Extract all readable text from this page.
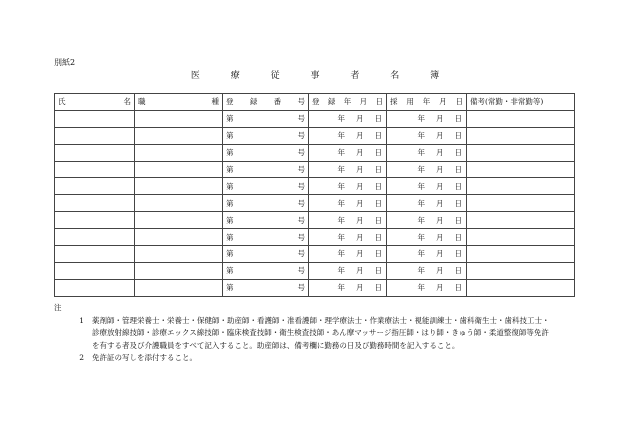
別紙2
医 療 従 事 者 名 簿
氏 名	職 種	登 録 番 号	登 録 年 月 日	採 用 年 月 日	備考(常勤・非常勤等)

		第 号	年 月 日	年 月 日	

		第 号	年 月 日	年 月 日	

		第 号	年 月 日	年 月 日	

		第 号	年 月 日	年 月 日	

		第 号	年 月 日	年 月 日	

		第 号	年 月 日	年 月 日	

		第 号	年 月 日	年 月 日	

		第 号	年 月 日	年 月 日	

		第 号	年 月 日	年 月 日	

		第 号	年 月 日	年 月 日	

		第 号	年 月 日	年 月 日	

注
1	薬剤師・管理栄養士・栄養士・保健師・助産師・看護師・准看護師・理学療法士・作業療法士・視能訓練士・歯科衛生士・歯科技工士・
診療放射線技師・診療エックス線技師・臨床検査技師・衛生検査技師・あん摩マッサージ指圧師・はり師・きゅう師・柔道整復師等免許
を有する者及び介護職員をすべて記入すること。助産師は、備考欄に勤務の日及び勤務時間を記入すること。
2	免許証の写しを添付すること。
